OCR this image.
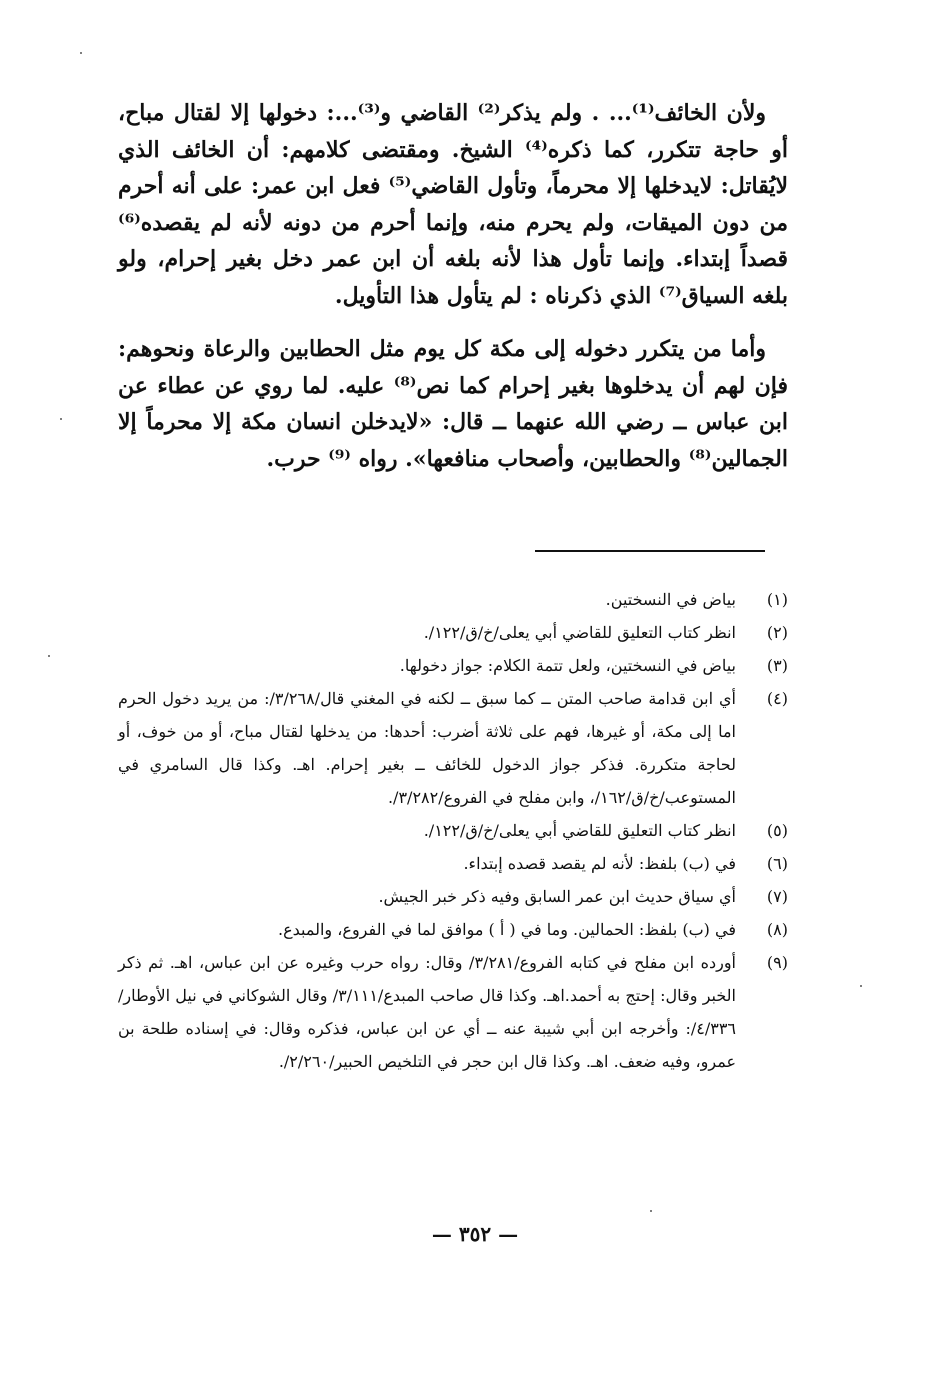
ولأن الخائف⁽¹⁾... . ولم يذكر⁽²⁾ القاضي و⁽³⁾...: دخولها إلا لقتال مباح، أو حاجة تتكرر، كما ذكره⁽⁴⁾ الشيخ. ومقتضى كلامهم: أن الخائف الذي لايُقاتل: لايدخلها إلا محرماً، وتأول القاضي⁽⁵⁾ فعل ابن عمر: على أنه أحرم من دون الميقات، ولم يحرم منه، وإنما أحرم من دونه لأنه لم يقصده⁽⁶⁾ قصداً إبتداء. وإنما تأول هذا لأنه بلغه أن ابن عمر دخل بغير إحرام، ولو بلغه السياق⁽⁷⁾ الذي ذكرناه : لم يتأول هذا التأويل.

وأما من يتكرر دخوله إلى مكة كل يوم مثل الحطابين والرعاة ونحوهم: فإن لهم أن يدخلوها بغير إحرام كما نص⁽⁸⁾ عليه. لما روي عن عطاء عن ابن عباس ــ رضي الله عنهما ــ قال: «لايدخلن انسان مكة إلا محرماً إلا الجمالين⁽⁸⁾ والحطابين، وأصحاب منافعها». رواه ⁽⁹⁾ حرب.

(١)
بياض في النسختين.
(٢)
انظر كتاب التعليق للقاضي أبي يعلى/خ/ق/١٢٢/.
(٣)
بياض في النسختين، ولعل تتمة الكلام: جواز دخولها.
(٤)
أي ابن قدامة صاحب المتن ــ كما سبق ــ لكنه في المغني قال/٣/٢٦٨/: من يريد دخول الحرم اما إلى مكة، أو غيرها، فهم على ثلاثة أضرب: أحدها: من يدخلها لقتال مباح، أو من خوف، أو لحاجة متكررة. فذكر جواز الدخول للخائف ــ بغير إحرام. اهـ. وكذا قال السامري في المستوعب/خ/ق/١٦٢/، وابن مفلح في الفروع/٣/٢٨٢/.
(٥)
انظر كتاب التعليق للقاضي أبي يعلى/خ/ق/١٢٢/.
(٦)
في (ب) بلفظ: لأنه لم يقصد قصده إبتداء.
(٧)
أي سياق حديث ابن عمر السابق وفيه ذكر خبر الجيش.
(٨)
في (ب) بلفظ: الحمالين. وما في ( أ ) موافق لما في الفروع، والمبدع.
(٩)
أورده ابن مفلح في كتابه الفروع/٣/٢٨١/ وقال: رواه حرب وغيره عن ابن عباس، اهـ. ثم ذكر الخبر وقال: إحتج به أحمد.اهـ. وكذا قال صاحب المبدع/٣/١١١/ وقال الشوكاني في نيل الأوطار/٤/٣٣٦/: وأخرجه ابن أبي شيبة عنه ــ أي عن ابن عباس، فذكره وقال: في إسناده طلحة بن عمرو، وفيه ضعف. اهـ. وكذا قال ابن حجر في التلخيص الحبير/٢/٢٦٠/.
— ٣٥٢ —
